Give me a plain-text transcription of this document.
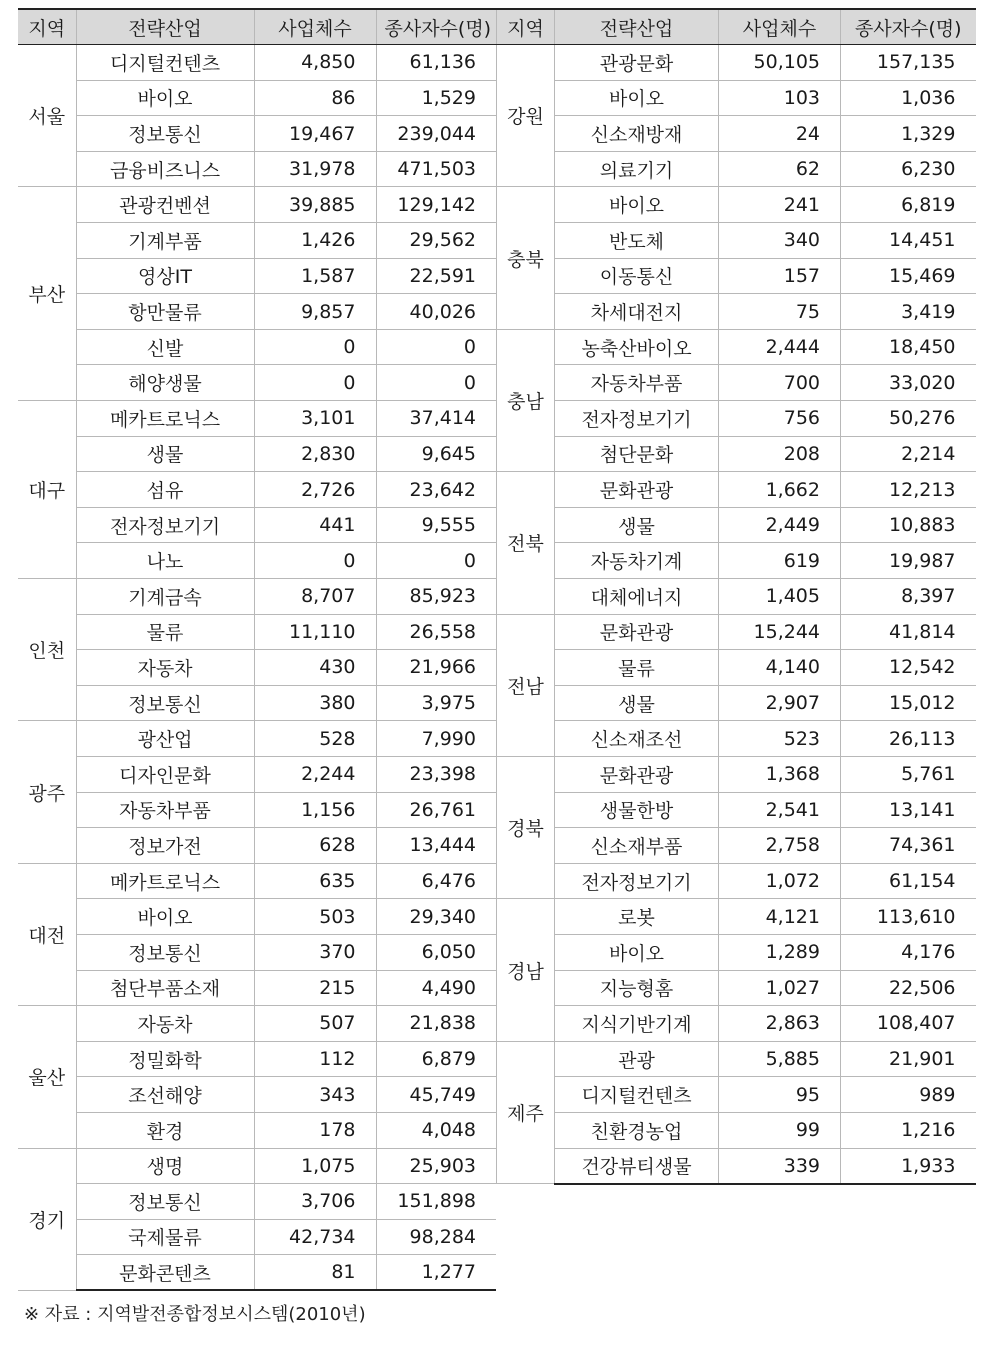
지역	전략산업	사업체수	종사자수(명)
서울	디지털컨텐츠	4,850	61,136
	바이오	86	1,529
	정보통신	19,467	239,044
	금융비즈니스	31,978	471,503
부산	관광컨벤션	39,885	129,142
	기계부품	1,426	29,562
	영상IT	1,587	22,591
	항만물류	9,857	40,026
	신발	0	0
	해양생물	0	0
대구	메카트로닉스	3,101	37,414
	생물	2,830	9,645
	섬유	2,726	23,642
	전자정보기기	441	9,555
	나노	0	0
인천	기계금속	8,707	85,923
	물류	11,110	26,558
	자동차	430	21,966
	정보통신	380	3,975
광주	광산업	528	7,990
	디자인문화	2,244	23,398
	자동차부품	1,156	26,761
	정보가전	628	13,444
대전	메카트로닉스	635	6,476
	바이오	503	29,340
	정보통신	370	6,050
	첨단부품소재	215	4,490
울산	자동차	507	21,838
	정밀화학	112	6,879
	조선해양	343	45,749
	환경	178	4,048
경기	생명	1,075	25,903
	정보통신	3,706	151,898
	국제물류	42,734	98,284
	문화콘텐츠	81	1,277
지역	전략산업	사업체수	종사자수(명)
강원	관광문화	50,105	157,135
	바이오	103	1,036
	신소재방재	24	1,329
	의료기기	62	6,230
충북	바이오	241	6,819
	반도체	340	14,451
	이동통신	157	15,469
	차세대전지	75	3,419
충남	농축산바이오	2,444	18,450
	자동차부품	700	33,020
	전자정보기기	756	50,276
	첨단문화	208	2,214
전북	문화관광	1,662	12,213
	생물	2,449	10,883
	자동차기계	619	19,987
	대체에너지	1,405	8,397
전남	문화관광	15,244	41,814
	물류	4,140	12,542
	생물	2,907	15,012
	신소재조선	523	26,113
경북	문화관광	1,368	5,761
	생물한방	2,541	13,141
	신소재부품	2,758	74,361
	전자정보기기	1,072	61,154
경남	로봇	4,121	113,610
	바이오	1,289	4,176
	지능형홈	1,027	22,506
	지식기반기계	2,863	108,407
제주	관광	5,885	21,901
	디지털컨텐츠	95	989
	친환경농업	99	1,216
	건강뷰티생물	339	1,933
※ 자료 : 지역발전종합정보시스템(2010년)
